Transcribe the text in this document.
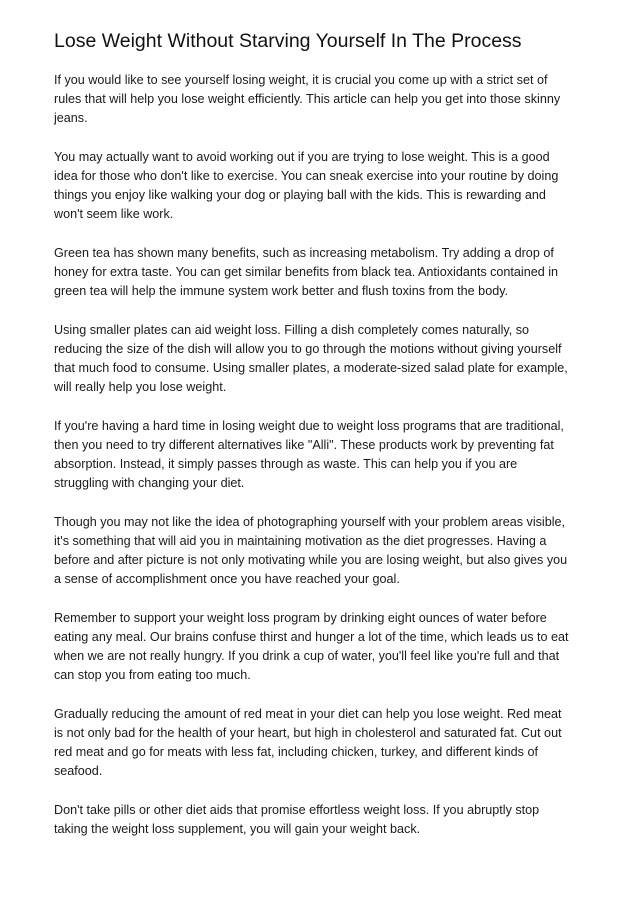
Lose Weight Without Starving Yourself In The Process
If you would like to see yourself losing weight, it is crucial you come up with a strict set of
rules that will help you lose weight efficiently. This article can help you get into those skinny
jeans.
You may actually want to avoid working out if you are trying to lose weight. This is a good
idea for those who don't like to exercise. You can sneak exercise into your routine by doing
things you enjoy like walking your dog or playing ball with the kids. This is rewarding and
won't seem like work.
Green tea has shown many benefits, such as increasing metabolism. Try adding a drop of
honey for extra taste. You can get similar benefits from black tea. Antioxidants contained in
green tea will help the immune system work better and flush toxins from the body.
Using smaller plates can aid weight loss. Filling a dish completely comes naturally, so
reducing the size of the dish will allow you to go through the motions without giving yourself
that much food to consume. Using smaller plates, a moderate-sized salad plate for example,
will really help you lose weight.
If you're having a hard time in losing weight due to weight loss programs that are traditional,
then you need to try different alternatives like "Alli". These products work by preventing fat
absorption. Instead, it simply passes through as waste. This can help you if you are
struggling with changing your diet.
Though you may not like the idea of photographing yourself with your problem areas visible,
it's something that will aid you in maintaining motivation as the diet progresses. Having a
before and after picture is not only motivating while you are losing weight, but also gives you
a sense of accomplishment once you have reached your goal.
Remember to support your weight loss program by drinking eight ounces of water before
eating any meal. Our brains confuse thirst and hunger a lot of the time, which leads us to eat
when we are not really hungry. If you drink a cup of water, you'll feel like you're full and that
can stop you from eating too much.
Gradually reducing the amount of red meat in your diet can help you lose weight. Red meat
is not only bad for the health of your heart, but high in cholesterol and saturated fat. Cut out
red meat and go for meats with less fat, including chicken, turkey, and different kinds of
seafood.
Don't take pills or other diet aids that promise effortless weight loss. If you abruptly stop
taking the weight loss supplement, you will gain your weight back.
